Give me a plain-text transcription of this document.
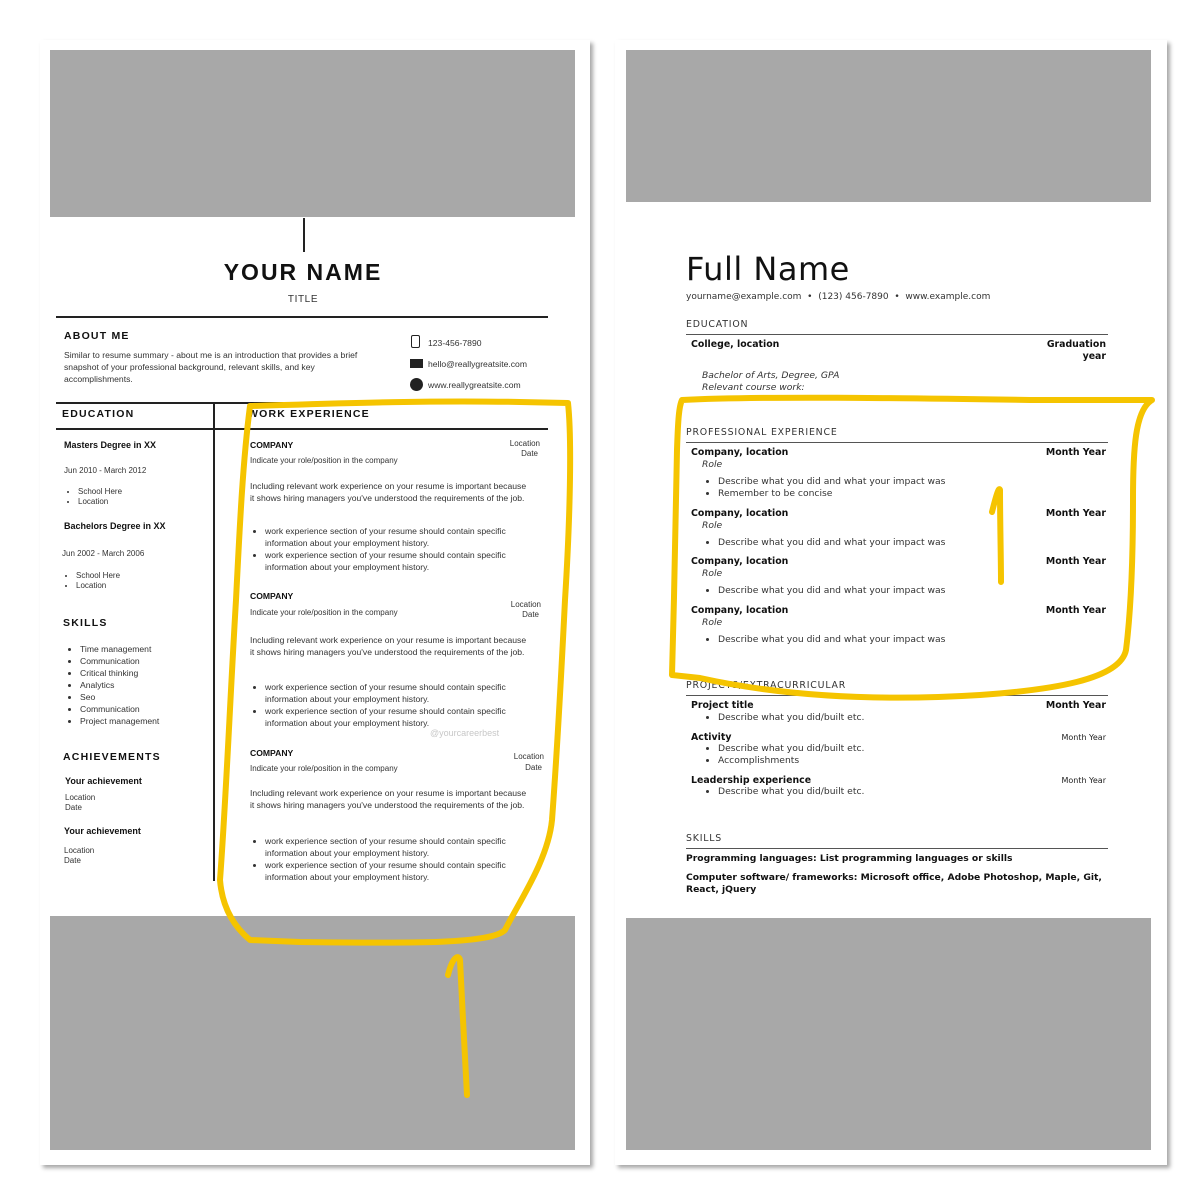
YOUR NAME
TITLE
ABOUT ME
Similar to resume summary - about me is an introduction that provides a brief snapshot of your professional background, relevant skills, and key accomplishments.
123-456-7890
hello@reallygreatsite.com
www.reallygreatsite.com
EDUCATION
Masters Degree in XX
Jun 2010 - March 2012
• School Here
• Location
Bachelors Degree in XX
Jun 2002 - March 2006
• School Here
• Location
SKILLS
• Time management
• Communication
• Critical thinking
• Analytics
• Seo
• Communication
• Project management
ACHIEVEMENTS
Your achievement
Location
Date
Your achievement
Location
Date
WORK EXPERIENCE
COMPANY
Indicate your role/position in the company
Location
Date
Including relevant work experience on your resume is important because it shows hiring managers you've understood the requirements of the job.
• work experience section of your resume should contain specific information about your employment history.
• work experience section of your resume should contain specific information about your employment history.
COMPANY
Indicate your role/position in the company
Location
Date
Including relevant work experience on your resume is important because it shows hiring managers you've understood the requirements of the job.
• work experience section of your resume should contain specific information about your employment history.
• work experience section of your resume should contain specific information about your employment history.
@yourcareerbest
COMPANY
Indicate your role/position in the company
Location
Date
Including relevant work experience on your resume is important because it shows hiring managers you've understood the requirements of the job.
• work experience section of your resume should contain specific information about your employment history.
• work experience section of your resume should contain specific information about your employment history.
Full Name
yourname@example.com  •  (123) 456-7890  •  www.example.com
EDUCATION
College, location	Graduation year
Bachelor of Arts, Degree, GPA
Relevant course work:
PROFESSIONAL EXPERIENCE
Company, location	Month Year
Role
• Describe what you did and what your impact was
• Remember to be concise
Company, location	Month Year
Role
• Describe what you did and what your impact was
Company, location	Month Year
Role
• Describe what you did and what your impact was
Company, location	Month Year
Role
• Describe what you did and what your impact was
PROJECTS/EXTRACURRICULAR
Project title	Month Year
• Describe what you did/built etc.
Activity	Month Year
• Describe what you did/built etc.
• Accomplishments
Leadership experience	Month Year
• Describe what you did/built etc.
SKILLS
Programming languages: List programming languages or skills
Computer software/ frameworks: Microsoft office, Adobe Photoshop, Maple, Git, React, jQuery
